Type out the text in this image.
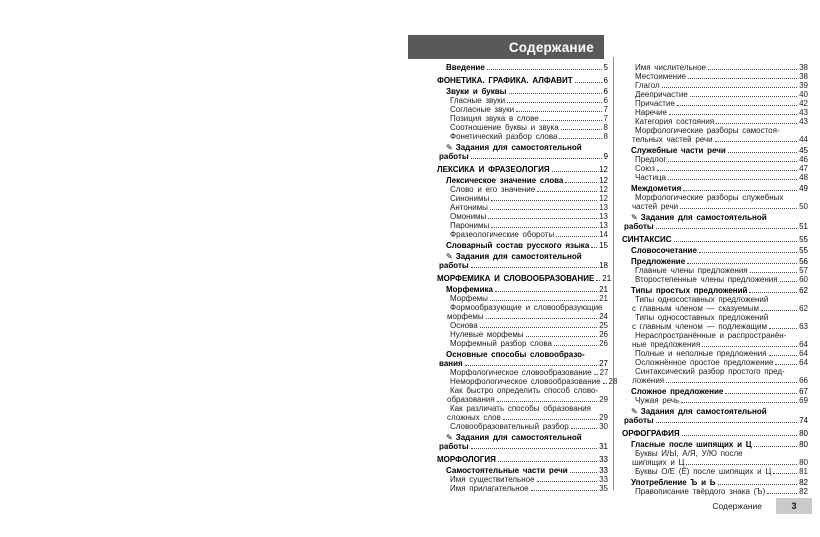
Содержание
Введение	5
ФОНЕТИКА. ГРАФИКА. АЛФАВИТ	6
Звуки и буквы	6
Гласные звуки	6
Согласные звуки	7
Позиция звука в слове	7
Соотношение буквы и звука	8
Фонетический разбор слова	8
✎ Задания для самостоятельной
работы	9
ЛЕКСИКА И ФРАЗЕОЛОГИЯ	12
Лексическое значение слова	12
Слово и его значение	12
Синонимы	12
Антонимы	13
Омонимы	13
Паронимы	13
Фразеологические обороты	14
Словарный состав русского языка 15
✎ Задания для самостоятельной
работы	18
МОРФЕМИКА И СЛОВООБРАЗОВАНИЕ 21
Морфемика	21
Морфемы	21
Формообразующие и словообразующие
морфемы	24
Основа	25
Нулевые морфемы	26
Морфемный разбор слова	26
Основные способы словообразо-
вания	27
Морфологическое словообразование 27
Неморфологическое словообразование 28
Как быстро определить способ слово-
образования	29
Как различать способы образования
сложных слов	29
Словообразовательный разбор	30
✎ Задания для самостоятельной
работы	31
МОРФОЛОГИЯ	33
Самостоятельные части речи	33
Имя существительное	33
Имя прилагательное	35
Имя числительное	38
Местоимение	38
Глагол	39
Деепричастие	40
Причастие	42
Наречие	43
Категория состояния	43
Морфологические разборы самостоя-
тельных частей речи	44
Служебные части речи	45
Предлог	46
Союз	47
Частица	48
Междометия	49
Морфологические разборы служебных
частей речи	50
✎ Задания для самостоятельной
работы	51
СИНТАКСИС	55
Словосочетание	55
Предложение	56
Главные члены предложения	57
Второстепенные члены предложения	60
Типы простых предложений	62
Типы односоставных предложений
с главным членом — сказуемым	62
Типы односоставных предложений
с главным членом — подлежащим	63
Нераспространённые и распространён-
ные предложения	64
Полные и неполные предложения	64
Осложнённое простое предложение	64
Синтаксический разбор простого пред-
ложения	66
Сложное предложение	67
Чужая речь	69
✎ Задания для самостоятельной
работы	74
ОРФОГРАФИЯ	80
Гласные после шипящих и Ц	80
Буквы И/Ы, А/Я, У/Ю после
шипящих и Ц	80
Буквы О/Е (Ё) после шипящих и Ц	81
Употребление Ъ и Ь	82
Правописание твёрдого знака (Ъ)	82
Содержание	3
